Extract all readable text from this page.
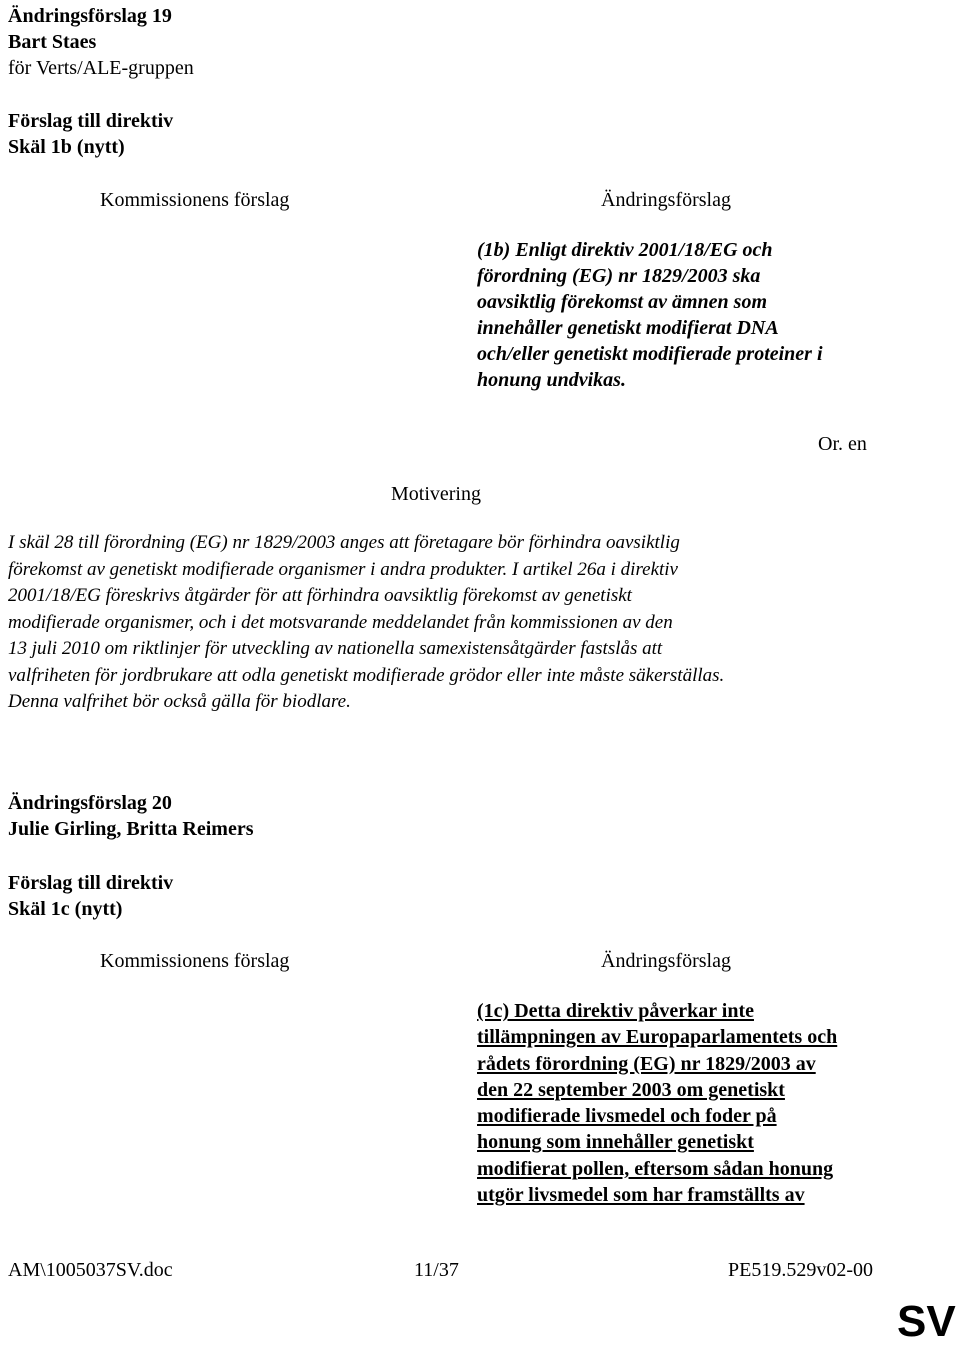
Ändringsförslag 19
Bart Staes
för Verts/ALE-gruppen
Förslag till direktiv
Skäl 1b (nytt)
Kommissionens förslag	Ändringsförslag
(1b) Enligt direktiv 2001/18/EG och
förordning (EG) nr 1829/2003 ska
oavsiktlig förekomst av ämnen som
innehåller genetiskt modifierat DNA
och/eller genetiskt modifierade proteiner i
honung undvikas.
Or. en
Motivering
I skäl 28 till förordning (EG) nr 1829/2003 anges att företagare bör förhindra oavsiktlig
förekomst av genetiskt modifierade organismer i andra produkter. I artikel 26a i direktiv
2001/18/EG föreskrivs åtgärder för att förhindra oavsiktlig förekomst av genetiskt
modifierade organismer, och i det motsvarande meddelandet från kommissionen av den
13 juli 2010 om riktlinjer för utveckling av nationella samexistensåtgärder fastslås att
valfriheten för jordbrukare att odla genetiskt modifierade grödor eller inte måste säkerställas.
Denna valfrihet bör också gälla för biodlare.
Ändringsförslag 20
Julie Girling, Britta Reimers
Förslag till direktiv
Skäl 1c (nytt)
Kommissionens förslag	Ändringsförslag
(1c) Detta direktiv påverkar inte
tillämpningen av Europaparlamentets och
rådets förordning (EG) nr 1829/2003 av
den 22 september 2003 om genetiskt
modifierade livsmedel och foder på
honung som innehåller genetiskt
modifierat pollen, eftersom sådan honung
utgör livsmedel som har framställts av
AM\1005037SV.doc	11/37	PE519.529v02-00
SV
